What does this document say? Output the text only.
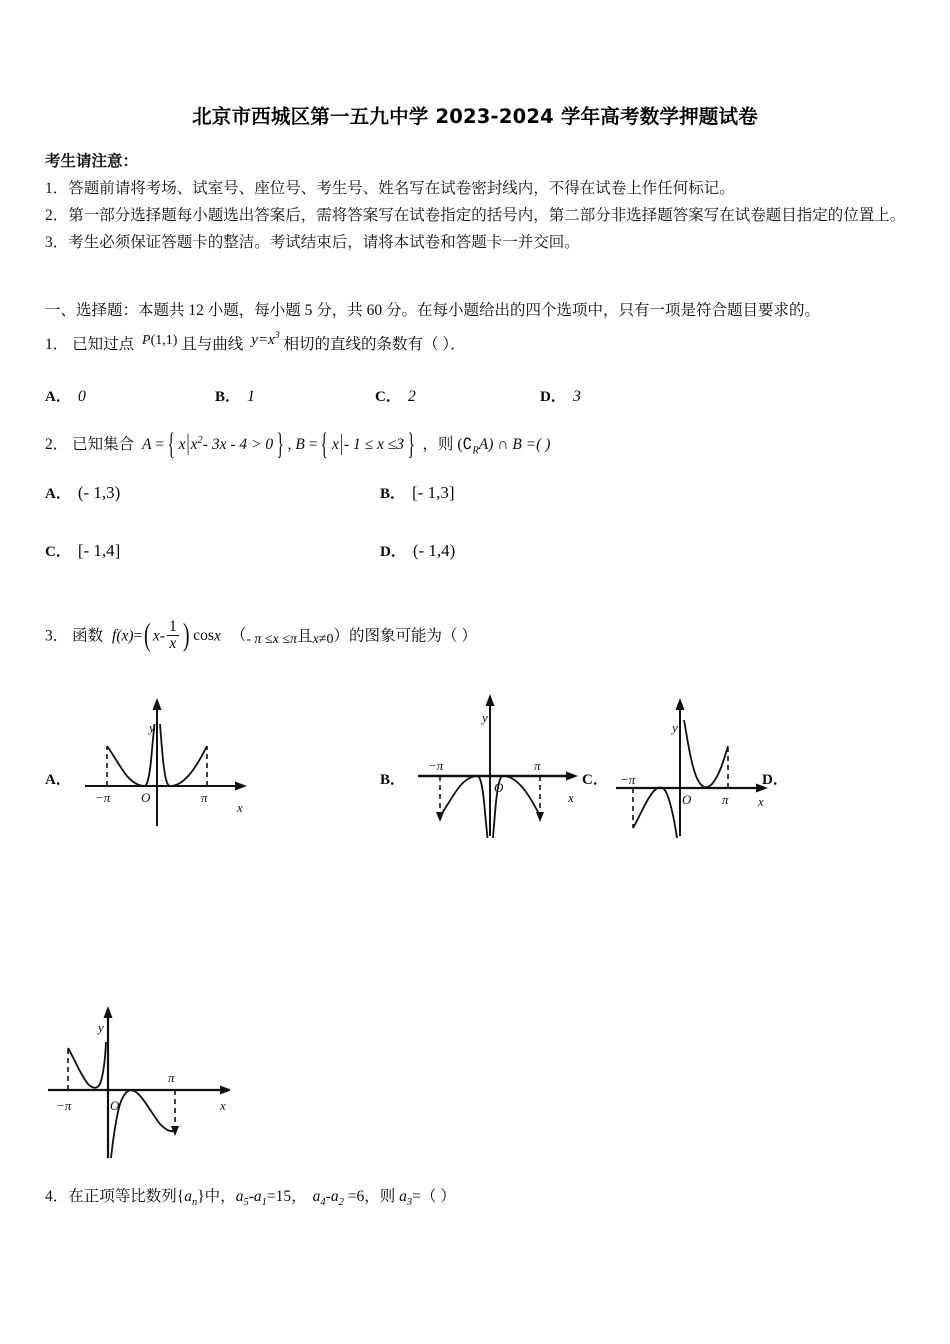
北京市西城区第一五九中学 2023-2024 学年高考数学押题试卷
考生请注意：
1．答题前请将考场、试室号、座位号、考生号、姓名写在试卷密封线内，不得在试卷上作任何标记。
2．第一部分选择题每小题选出答案后，需将答案写在试卷指定的括号内，第二部分非选择题答案写在试卷题目指定的位置上。
3．考生必须保证答题卡的整洁。考试结束后，请将本试卷和答题卡一并交回。
一、选择题：本题共 12 小题，每小题 5 分，共 60 分。在每小题给出的四个选项中，只有一项是符合题目要求的。
1． 已知过点 P(1,1) 且与曲线 $y=x^3$ 相切的直线的条数有（ ）．
A． 0	B． 1	C． 2	D． 3
2． 已知集合 A = { $x|x^2-$ 3x - 4 > 0 } , B = { x|- 1 ≤ x ≤3 } ，则 $(∁_RA)$ ∩ B =( )
A． (- 1,3)	B． [- 1,3]
C． [- 1,4]	D． (- 1,4)
3． 函数 f(x)=( $x- \frac{1}{x}$ ) cosx （- π ≤x ≤π且x≠0）的图象可能为（ ）
A．
y
−π O	π
x
B．
y
−π
O
π
x
C．
y
−π
O π x
D．
y
−π	O
π
x
4．在正项等比数列$\{a_n\}$中，$a_5-a_1=15$， $a_4-a_2 =6$，则 $a_3=$（ ）
